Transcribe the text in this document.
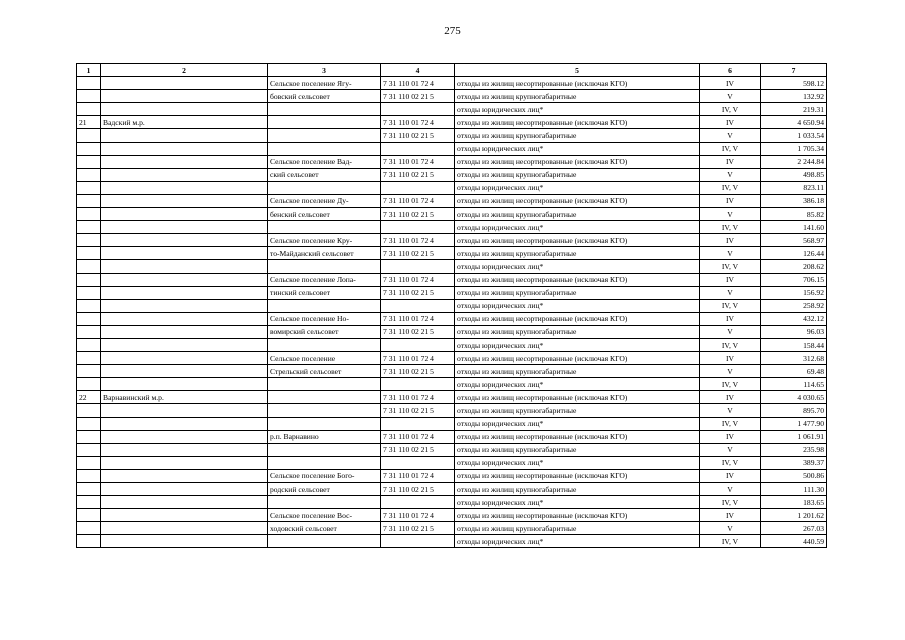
275
1	2	3	4	5	6	7
		Сельское поселение Ягу-	7 31 110 01 72 4	отходы из жилищ несортированные (исключая КГО)	IV	598.12
		бовский сельсовет	7 31 110 02 21 5	отходы из жилищ крупногабаритные	V	132.92
				отходы юридических лиц*	IV, V	219.31
21	Вадский м.р.		7 31 110 01 72 4	отходы из жилищ несортированные (исключая КГО)	IV	4 650.94
			7 31 110 02 21 5	отходы из жилищ крупногабаритные	V	1 033.54
				отходы юридических лиц*	IV, V	1 705.34
		Сельское поселение Вад-	7 31 110 01 72 4	отходы из жилищ несортированные (исключая КГО)	IV	2 244.84
		ский сельсовет	7 31 110 02 21 5	отходы из жилищ крупногабаритные	V	498.85
				отходы юридических лиц*	IV, V	823.11
		Сельское поселение Ду-	7 31 110 01 72 4	отходы из жилищ несортированные (исключая КГО)	IV	386.18
		бенский сельсовет	7 31 110 02 21 5	отходы из жилищ крупногабаритные	V	85.82
				отходы юридических лиц*	IV, V	141.60
		Сельское поселение Кру-	7 31 110 01 72 4	отходы из жилищ несортированные (исключая КГО)	IV	568.97
		то-Майданский сельсовет	7 31 110 02 21 5	отходы из жилищ крупногабаритные	V	126.44
				отходы юридических лиц*	IV, V	208.62
		Сельское поселение Лопа-	7 31 110 01 72 4	отходы из жилищ несортированные (исключая КГО)	IV	706.15
		тинский сельсовет	7 31 110 02 21 5	отходы из жилищ крупногабаритные	V	156.92
				отходы юридических лиц*	IV, V	258.92
		Сельское поселение Но-	7 31 110 01 72 4	отходы из жилищ несортированные (исключая КГО)	IV	432.12
		вомирский сельсовет	7 31 110 02 21 5	отходы из жилищ крупногабаритные	V	96.03
				отходы юридических лиц*	IV, V	158.44
		Сельское поселение	7 31 110 01 72 4	отходы из жилищ несортированные (исключая КГО)	IV	312.68
		Стрельский сельсовет	7 31 110 02 21 5	отходы из жилищ крупногабаритные	V	69.48
				отходы юридических лиц*	IV, V	114.65
22	Варнавинский м.р.		7 31 110 01 72 4	отходы из жилищ несортированные (исключая КГО)	IV	4 030.65
			7 31 110 02 21 5	отходы из жилищ крупногабаритные	V	895.70
				отходы юридических лиц*	IV, V	1 477.90
		р.п. Варнавино	7 31 110 01 72 4	отходы из жилищ несортированные (исключая КГО)	IV	1 061.91
			7 31 110 02 21 5	отходы из жилищ крупногабаритные	V	235.98
				отходы юридических лиц*	IV, V	389.37
		Сельское поселение Бого-	7 31 110 01 72 4	отходы из жилищ несортированные (исключая КГО)	IV	500.86
		родский сельсовет	7 31 110 02 21 5	отходы из жилищ крупногабаритные	V	111.30
				отходы юридических лиц*	IV, V	183.65
		Сельское поселение Вос-	7 31 110 01 72 4	отходы из жилищ несортированные (исключая КГО)	IV	1 201.62
		ходовский сельсовет	7 31 110 02 21 5	отходы из жилищ крупногабаритные	V	267.03
				отходы юридических лиц*	IV, V	440.59
